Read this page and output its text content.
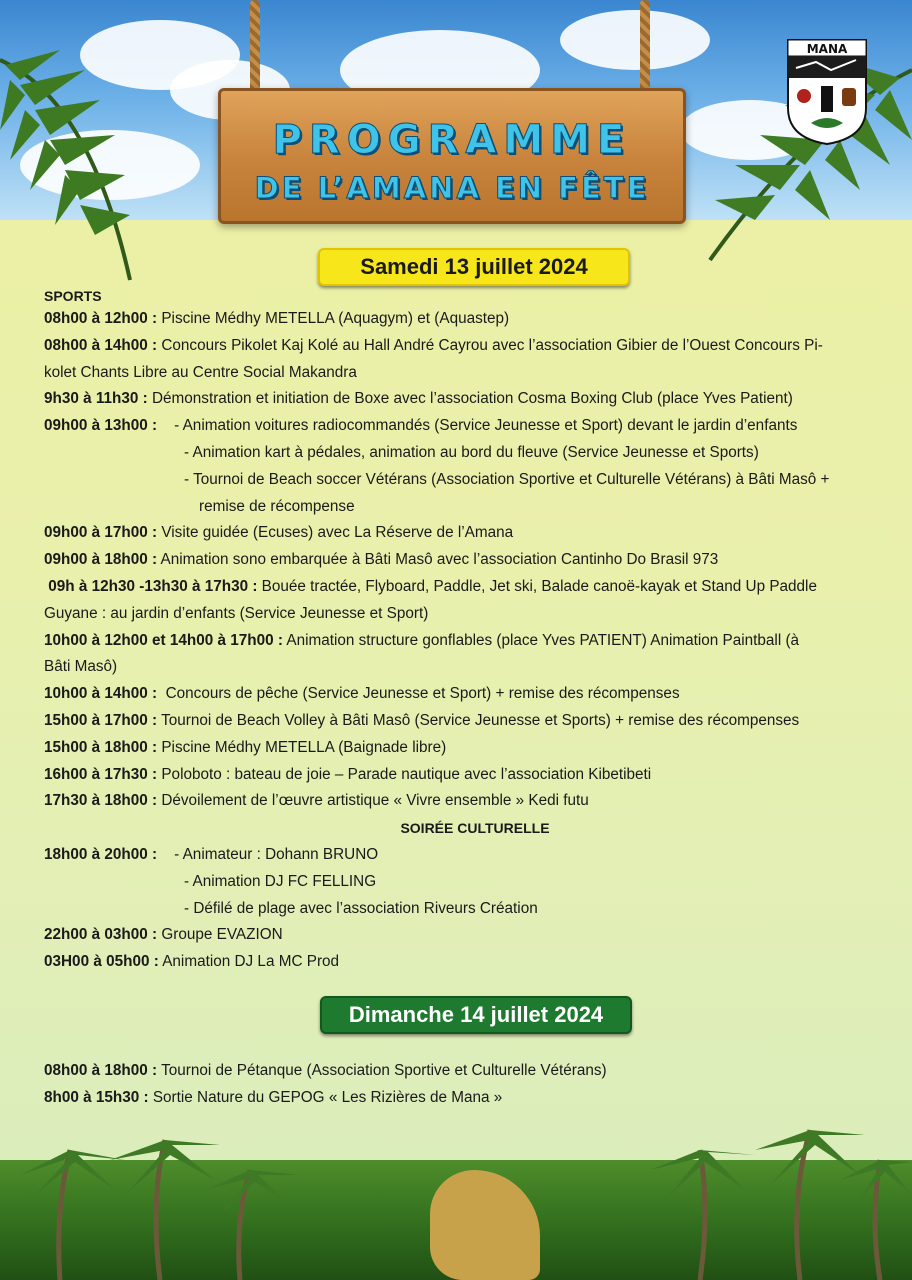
PROGRAMME
DE L’AMANA EN FÊTE
MANA
Samedi 13 juillet 2024
SPORTS
08h00 à 12h00 : Piscine Médhy METELLA (Aquagym) et (Aquastep)
08h00 à 14h00 : Concours Pikolet Kaj Kolé au Hall André Cayrou avec l’association Gibier de l’Ouest Concours Pi-
kolet Chants Libre au Centre Social Makandra
9h30 à 11h30 : Démonstration et initiation de Boxe avec l’association Cosma Boxing Club (place Yves Patient)
09h00 à 13h00 :    - Animation voitures radiocommandés (Service Jeunesse et Sport) devant le jardin d’enfants
- Animation kart à pédales, animation au bord du fleuve (Service Jeunesse et Sports)
- Tournoi de Beach soccer Vétérans (Association Sportive et Culturelle Vétérans) à Bâti Masô +
remise de récompense
09h00 à 17h00 : Visite guidée (Ecuses) avec La Réserve de l’Amana
09h00 à 18h00 : Animation sono embarquée à Bâti Masô avec l’association Cantinho Do Brasil 973
09h à 12h30 -13h30 à 17h30 : Bouée tractée, Flyboard, Paddle, Jet ski, Balade canoë-kayak et Stand Up Paddle
Guyane : au jardin d’enfants (Service Jeunesse et Sport)
10h00 à 12h00 et 14h00 à 17h00 : Animation structure gonflables (place Yves PATIENT) Animation Paintball (à
Bâti Masô)
10h00 à 14h00 :  Concours de pêche (Service Jeunesse et Sport) + remise des récompenses
15h00 à 17h00 : Tournoi de Beach Volley à Bâti Masô (Service Jeunesse et Sports) + remise des récompenses
15h00 à 18h00 : Piscine Médhy METELLA (Baignade libre)
16h00 à 17h30 : Poloboto : bateau de joie – Parade nautique avec l’association Kibetibeti
17h30 à 18h00 : Dévoilement de l’œuvre artistique « Vivre ensemble » Kedi futu
SOIRÉE CULTURELLE
18h00 à 20h00 :    - Animateur : Dohann BRUNO
- Animation DJ FC FELLING
- Défilé de plage avec l’association Riveurs Création
22h00 à 03h00 : Groupe EVAZION
03H00 à 05h00 : Animation DJ La MC Prod
Dimanche 14 juillet 2024
08h00 à 18h00 : Tournoi de Pétanque (Association Sportive et Culturelle Vétérans)
8h00 à 15h30 : Sortie Nature du GEPOG « Les Rizières de Mana »
